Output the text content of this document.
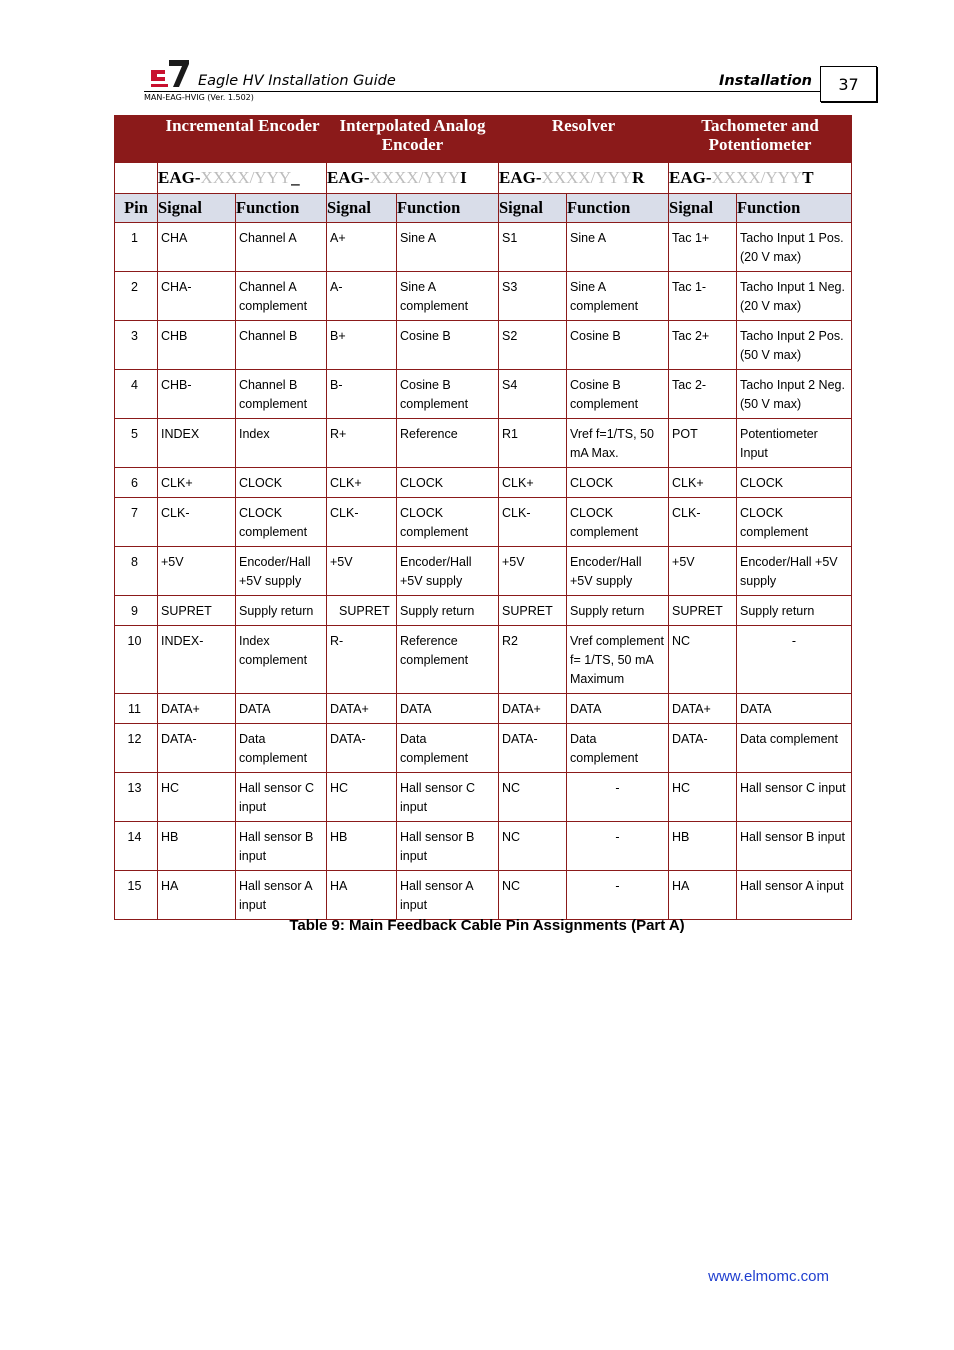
Eagle HV Installation Guide	Installation
MAN-EAG-HVIG (Ver. 1.502)
37
Incremental Encoder			Interpolated Analog Encoder		Resolver		Tachometer and Potentiometer	

	EAG-XXXX/YYY_		EAG-XXXX/YYYI		EAG-XXXX/YYYR		EAG-XXXX/YYYT	
Pin	Signal	Function	Signal	Function	Signal	Function	Signal	Function
1	CHA	Channel A	A+	Sine A	S1	Sine A	Tac 1+	Tacho Input 1 Pos. (20 V max)
2	CHA-	Channel A complement	A-	Sine A complement	S3	Sine A complement	Tac 1-	Tacho Input 1 Neg. (20 V max)
3	CHB	Channel B	B+	Cosine B	S2	Cosine B	Tac 2+	Tacho Input 2 Pos. (50 V max)
4	CHB-	Channel B complement	B-	Cosine B complement	S4	Cosine B complement	Tac 2-	Tacho Input 2 Neg. (50 V max)
5	INDEX	Index	R+	Reference	R1	Vref f=1/TS, 50 mA Max.	POT	Potentiometer Input
6	CLK+	CLOCK	CLK+	CLOCK	CLK+	CLOCK	CLK+	CLOCK
7	CLK-	CLOCK complement	CLK-	CLOCK complement	CLK-	CLOCK complement	CLK-	CLOCK complement
8	+5V	Encoder/Hall +5V supply	+5V	Encoder/Hall +5V supply	+5V	Encoder/Hall +5V supply	+5V	Encoder/Hall +5V supply
9	SUPRET	Supply return	SUPRET	Supply return	SUPRET	Supply return	SUPRET	Supply return
10	INDEX-	Index complement	R-	Reference complement	R2	Vref complement f= 1/TS, 50 mA Maximum	NC	-
11	DATA+	DATA	DATA+	DATA	DATA+	DATA	DATA+	DATA
12	DATA-	Data complement	DATA-	Data complement	DATA-	Data complement	DATA-	Data complement
13	HC	Hall sensor C input	HC	Hall sensor C input	NC	-	HC	Hall sensor C input
14	HB	Hall sensor B input	HB	Hall sensor B input	NC	-	HB	Hall sensor B input
15	HA	Hall sensor A input	HA	Hall sensor A input	NC	-	HA	Hall sensor A input
Table 9: Main Feedback Cable Pin Assignments (Part A)
www.elmomc.com
